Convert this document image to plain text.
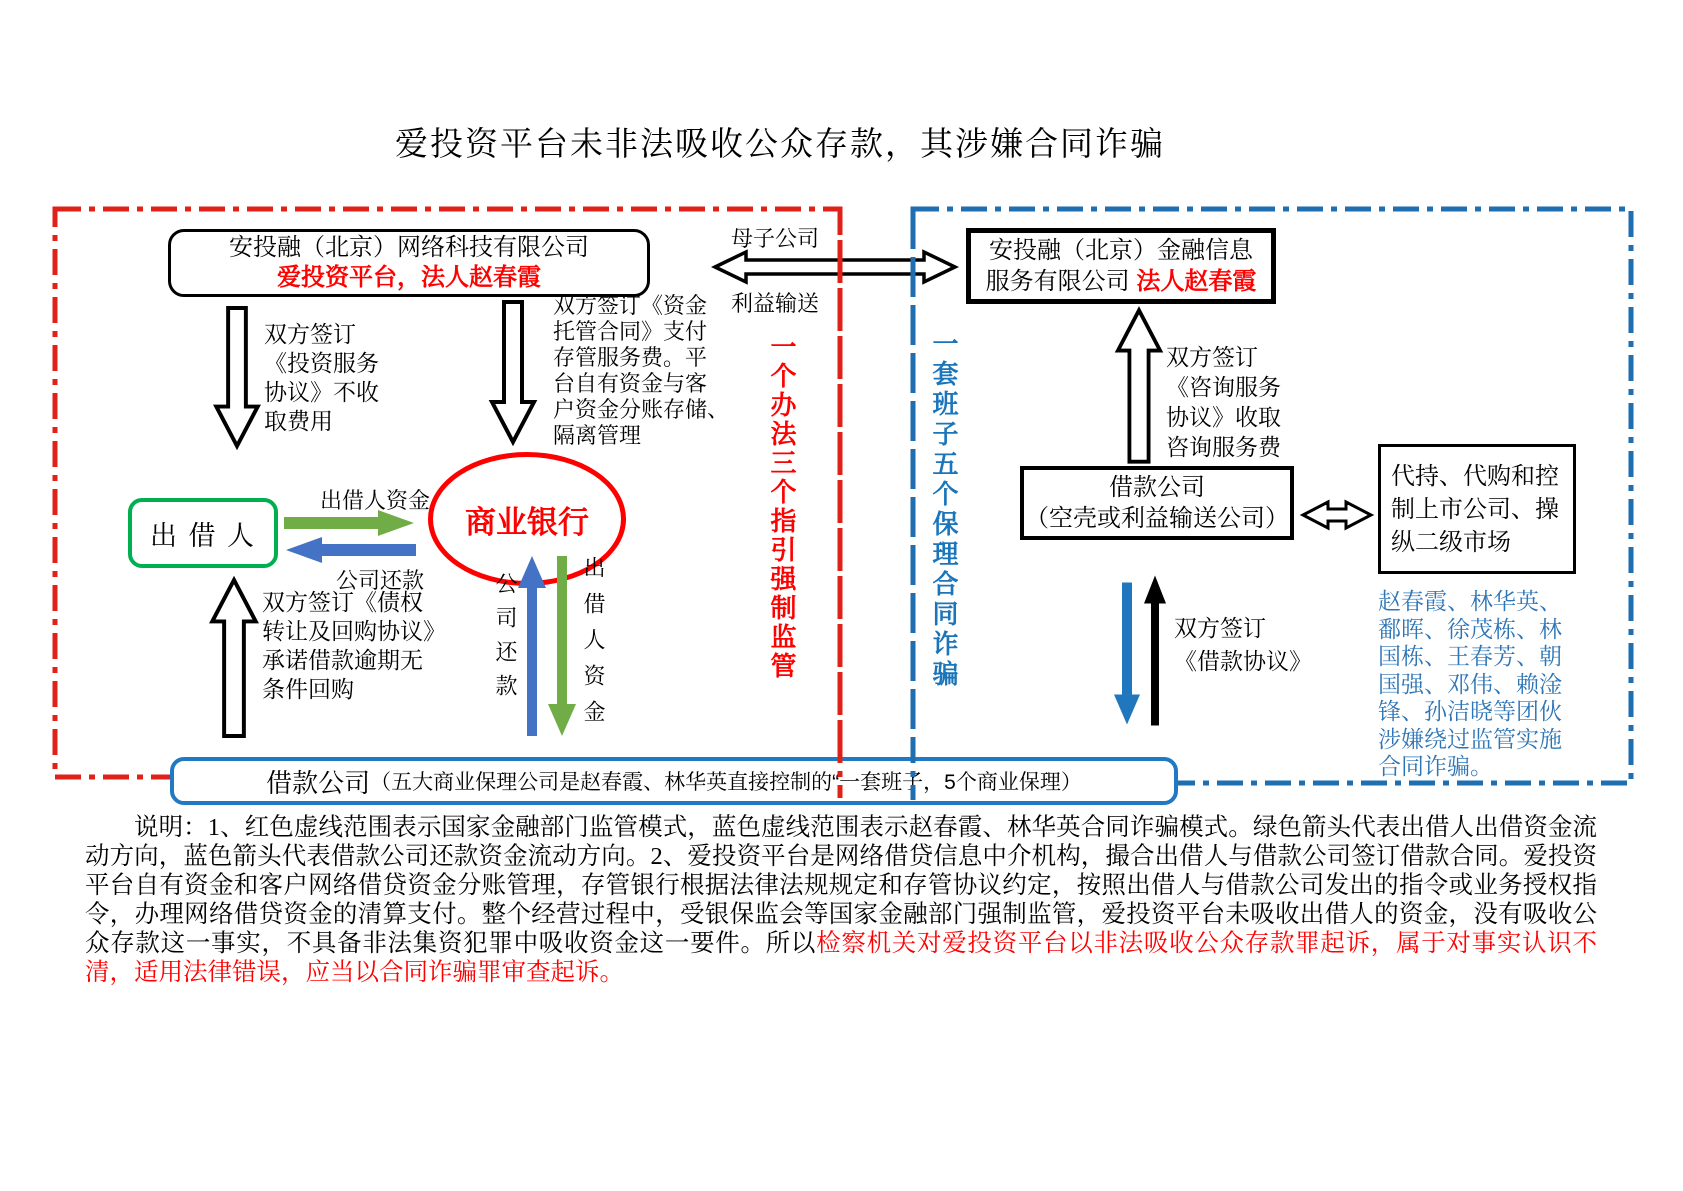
爱投资平台未非法吸收公众存款，其涉嫌合同诈骗
安投融（北京）网络科技有限公司
爱投资平台，法人赵春霞
母子公司
利益输送
安投融（北京）金融信息
服务有限公司 法人赵春霞
双方签订
《投资服务
协议》不收
取费用
双方签订《资金
托管合同》支付
存管服务费。平
台自有资金与客
户资金分账存储、
隔离管理
出 借 人
出借人资金
公司还款
商业银行
双方签订《债权
转让及回购协议》
承诺借款逾期无
条件回购	公司还款	出借人资金	一个办法三个指引强制监管	一套班子五个保理合同诈骗	双方签订
《咨询服务
协议》收取
咨询服务费
借款公司
（空壳或利益输送公司）
代持、代购和控
制上市公司、操
纵二级市场
双方签订
《借款协议》
赵春霞、林华英、
鄱晖、徐茂栋、林
国栋、王春芳、朝
国强、邓伟、赖淦
锋、孙洁晓等团伙
涉嫌绕过监管实施
合同诈骗。
借款公司 （五大商业保理公司是赵春霞、林华英直接控制的“一套班子，5个商业保理）
说明：1、红色虚线范围表示国家金融部门监管模式，蓝色虚线范围表示赵春霞、林华英合同诈骗模式。绿色箭头代表出借人出借资金流动方向，蓝色箭头代表借款公司还款资金流动方向。2、爱投资平台是网络借贷信息中介机构，撮合出借人与借款公司签订借款合同。爱投资平台自有资金和客户网络借贷资金分账管理，存管银行根据法律法规规定和存管协议约定，按照出借人与借款公司发出的指令或业务授权指令，办理网络借贷资金的清算支付。整个经营过程中，受银保监会等国家金融部门强制监管，爱投资平台未吸收出借人的资金，没有吸收公众存款这一事实，不具备非法集资犯罪中吸收资金这一要件。所以检察机关对爱投资平台以非法吸收公众存款罪起诉，属于对事实认识不清，适用法律错误，应当以合同诈骗罪审查起诉。
